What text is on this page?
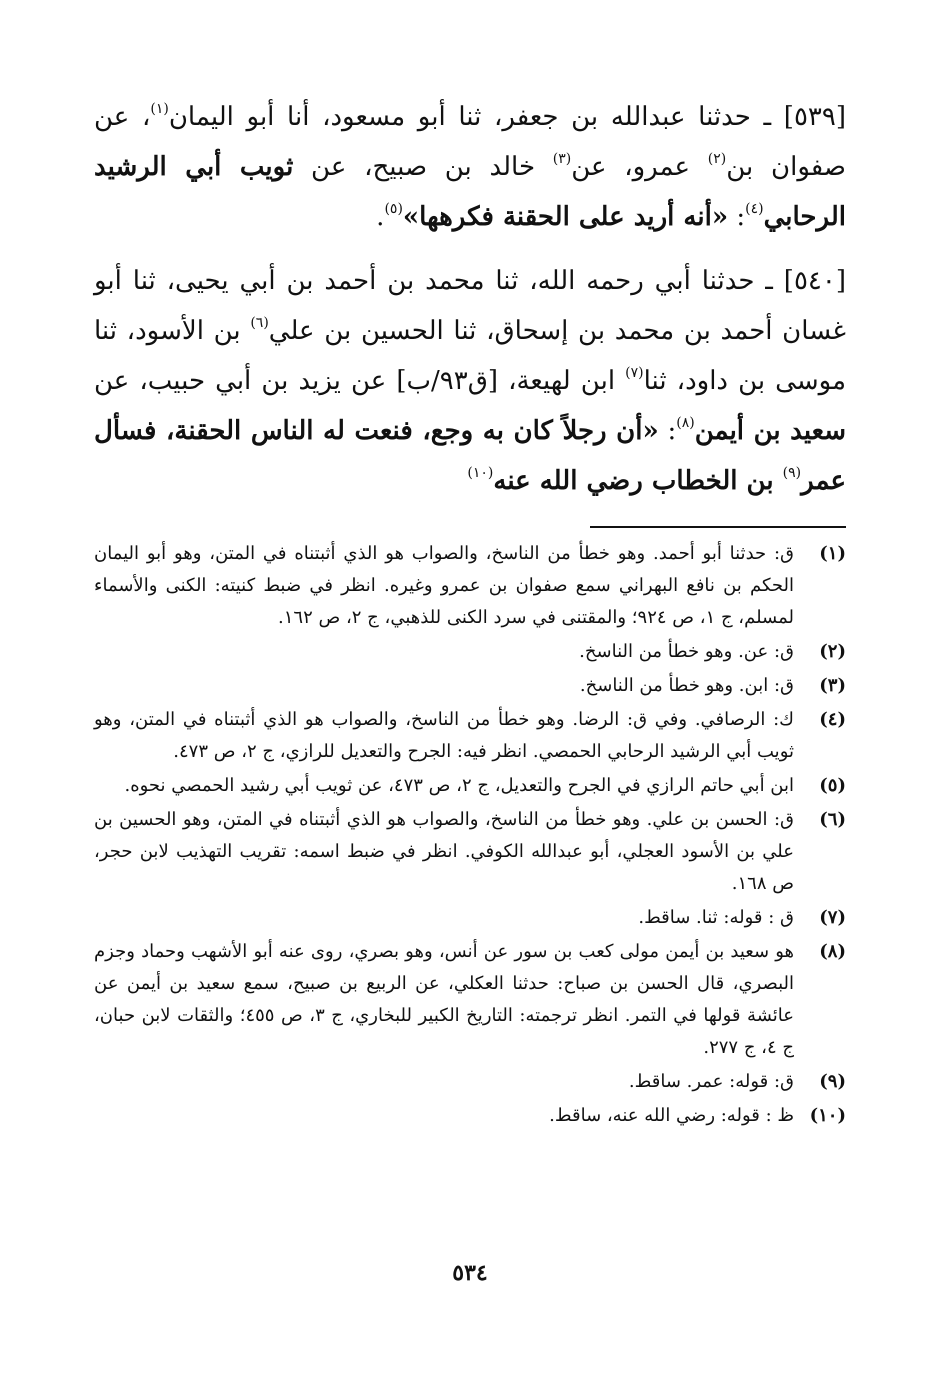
[٥٣٩] ـ حدثنا عبدالله بن جعفر، ثنا أبو مسعود، أنا أبو اليمان$^{(١)}$، عن صفوان بن$^{(٢)}$ عمرو، عن$^{(٣)}$ خالد بن صبيح، عن ثويب أبي الرشيد الرحابي$^{(٤)}$: «أنه أريد على الحقنة فكرهها»$^{(٥)}$.

[٥٤٠] ـ حدثنا أبي رحمه الله، ثنا محمد بن أحمد بن أبي يحيى، ثنا أبو غسان أحمد بن محمد بن إسحاق، ثنا الحسين بن علي$^{(٦)}$ بن الأسود، ثنا موسى بن داود، ثنا$^{(٧)}$ ابن لهيعة، [ق٩٣/ب] عن يزيد بن أبي حبيب، عن سعيد بن أيمن$^{(٨)}$: «أن رجلاً كان به وجع، فنعت له الناس الحقنة، فسأل عمر$^{(٩)}$ بن الخطاب رضي الله عنه$^{(١٠)}$

(١)
ق: حدثنا أبو أحمد. وهو خطأ من الناسخ، والصواب هو الذي أثبتناه في المتن، وهو أبو اليمان الحكم بن نافع البهراني سمع صفوان بن عمرو وغيره. انظر في ضبط كنيته: الكنى والأسماء لمسلم، ج ١، ص ٩٢٤؛ والمقتنى في سرد الكنى للذهبي، ج ٢، ص ١٦٢.
(٢)
ق: عن. وهو خطأ من الناسخ.
(٣)
ق: ابن. وهو خطأ من الناسخ.
(٤)
ك: الرصافي. وفي ق: الرضا. وهو خطأ من الناسخ، والصواب هو الذي أثبتناه في المتن، وهو ثويب أبي الرشيد الرحابي الحمصي. انظر فيه: الجرح والتعديل للرازي، ج ٢، ص ٤٧٣.
(٥)
ابن أبي حاتم الرازي في الجرح والتعديل، ج ٢، ص ٤٧٣، عن ثويب أبي رشيد الحمصي نحوه.
(٦)
ق: الحسن بن علي. وهو خطأ من الناسخ، والصواب هو الذي أثبتناه في المتن، وهو الحسين بن علي بن الأسود العجلي، أبو عبدالله الكوفي. انظر في ضبط اسمه: تقريب التهذيب لابن حجر، ص ١٦٨.
(٧)
ق : قوله: ثنا. ساقط.
(٨)
هو سعيد بن أيمن مولى كعب بن سور عن أنس، وهو بصري، روى عنه أبو الأشهب وحماد وجزم البصري، قال الحسن بن صباح: حدثنا العكلي، عن الربيع بن صبيح، سمع سعيد بن أيمن عن عائشة قولها في التمر. انظر ترجمته: التاريخ الكبير للبخاري، ج ٣، ص ٤٥٥؛ والثقات لابن حبان، ج ٤، ج ٢٧٧.
(٩)
ق: قوله: عمر. ساقط.
(١٠)
ظ : قوله: رضي الله عنه، ساقط.
٥٣٤
